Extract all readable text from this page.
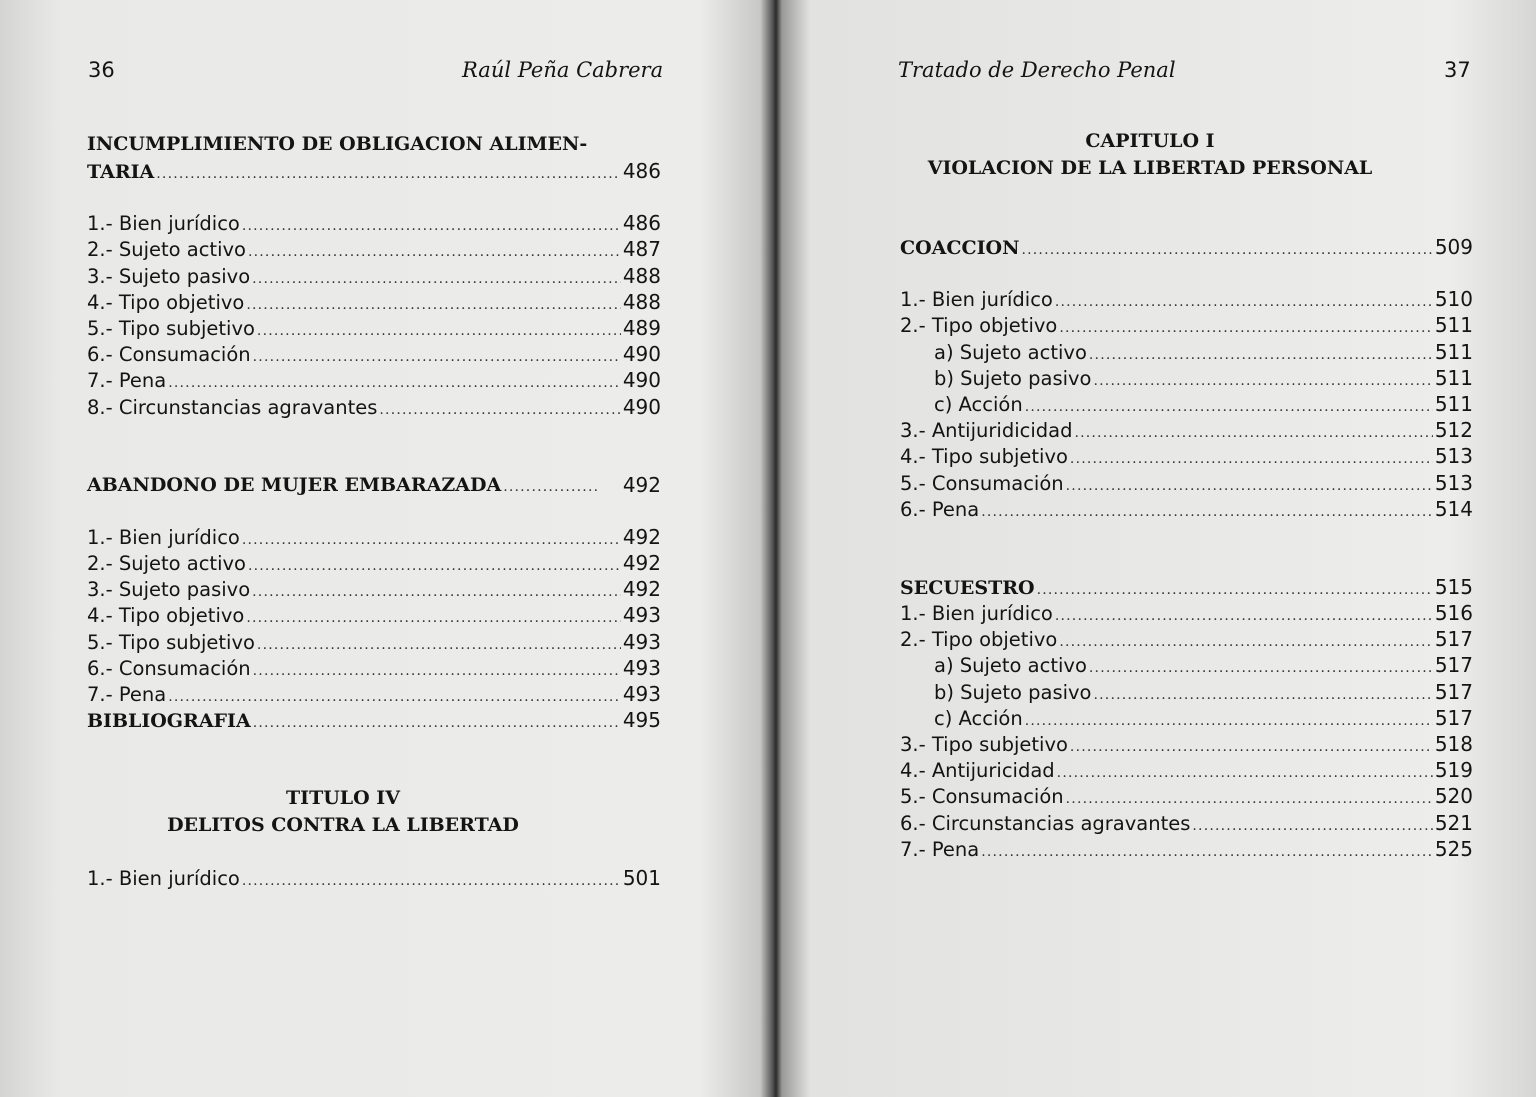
36	Raúl Peña Cabrera
INCUMPLIMIENTO DE OBLIGACION ALIMEN-
TARIA .....	486
1.- Bien jurídico .....	486
2.- Sujeto activo .....	487
3.- Sujeto pasivo .....	488
4.- Tipo objetivo .....	488
5.- Tipo subjetivo .....	489
6.- Consumación .....	490
7.- Pena .....	490
8.- Circunstancias agravantes .....	490
ABANDONO DE MUJER EMBARAZADA .....	492
1.- Bien jurídico .....	492
2.- Sujeto activo .....	492
3.- Sujeto pasivo .....	492
4.- Tipo objetivo .....	493
5.- Tipo subjetivo .....	493
6.- Consumación .....	493
7.- Pena .....	493
BIBLIOGRAFIA .....	495
TITULO IV
DELITOS CONTRA LA LIBERTAD
1.- Bien jurídico .....	501
Tratado de Derecho Penal	37
CAPITULO I
VIOLACION DE LA LIBERTAD PERSONAL
COACCION .....	509
1.- Bien jurídico .....	510
2.- Tipo objetivo .....	511
a) Sujeto activo .....	511
b) Sujeto pasivo .....	511
c) Acción .....	511
3.- Antijuridicidad .....	512
4.- Tipo subjetivo .....	513
5.- Consumación .....	513
6.- Pena .....	514
SECUESTRO .....	515
1.- Bien jurídico .....	516
2.- Tipo objetivo .....	517
a) Sujeto activo .....	517
b) Sujeto pasivo .....	517
c) Acción .....	517
3.- Tipo subjetivo .....	518
4.- Antijuricidad .....	519
5.- Consumación .....	520
6.- Circunstancias agravantes .....	521
7.- Pena .....	525
